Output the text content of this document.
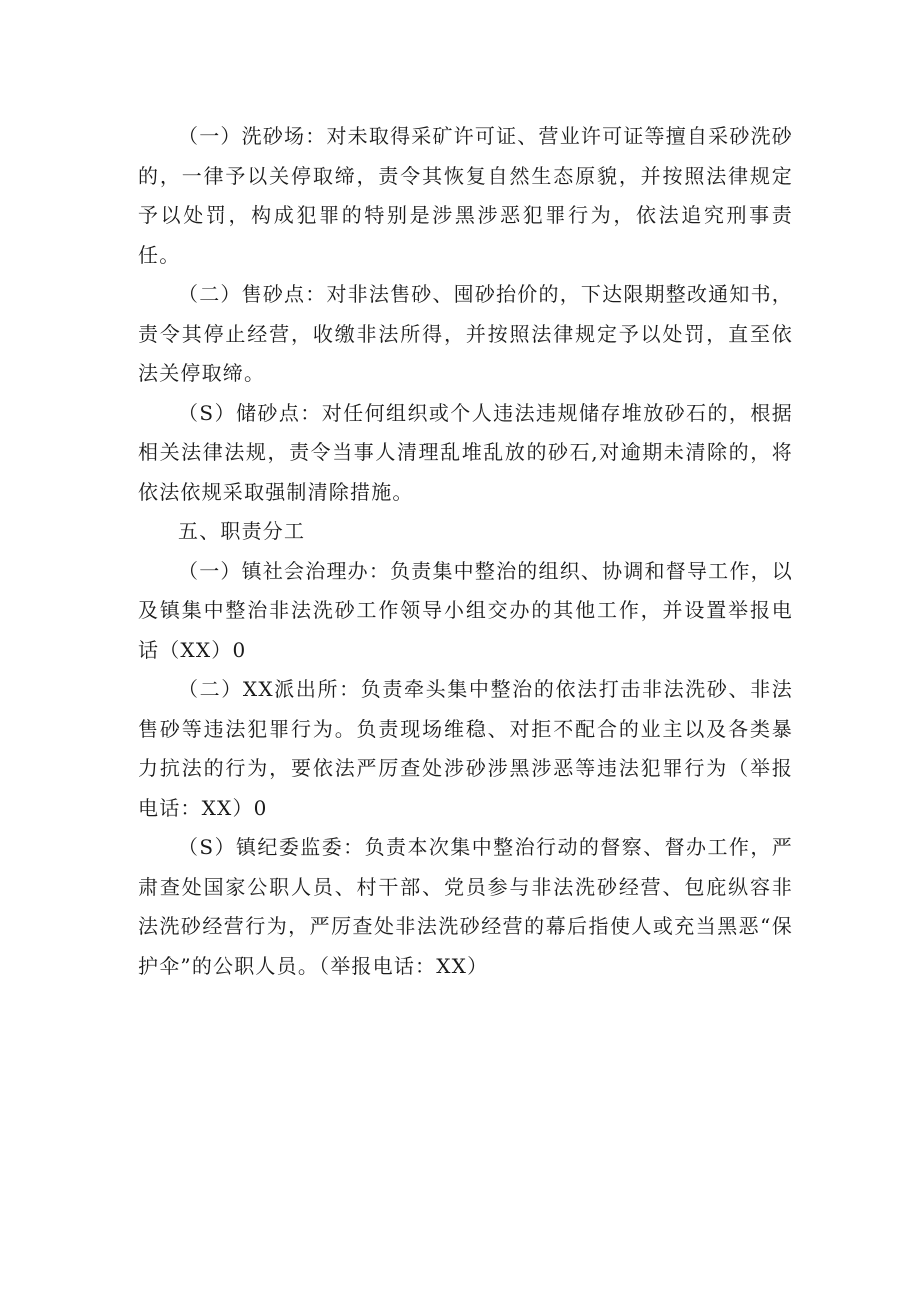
（一）洗砂场：对未取得采矿许可证、营业许可证等擅自采砂洗砂的，一律予以关停取缔，责令其恢复自然生态原貌，并按照法律规定予以处罚，构成犯罪的特别是涉黑涉恶犯罪行为，依法追究刑事责任。

（二）售砂点：对非法售砂、囤砂抬价的，下达限期整改通知书，责令其停止经营，收缴非法所得，并按照法律规定予以处罚，直至依法关停取缔。

（S）储砂点：对任何组织或个人违法违规储存堆放砂石的，根据相关法律法规，责令当事人清理乱堆乱放的砂石,对逾期未清除的，将依法依规采取强制清除措施。

五、职责分工

（一）镇社会治理办：负责集中整治的组织、协调和督导工作，以及镇集中整治非法洗砂工作领导小组交办的其他工作，并设置举报电话（XX）0

（二）XX派出所：负责牵头集中整治的依法打击非法洗砂、非法售砂等违法犯罪行为。负责现场维稳、对拒不配合的业主以及各类暴力抗法的行为，要依法严厉查处涉砂涉黑涉恶等违法犯罪行为（举报电话：XX）0

（S）镇纪委监委：负责本次集中整治行动的督察、督办工作，严肃查处国家公职人员、村干部、党员参与非法洗砂经营、包庇纵容非法洗砂经营行为，严厉查处非法洗砂经营的幕后指使人或充当黑恶“保护伞”的公职人员。（举报电话：XX）
